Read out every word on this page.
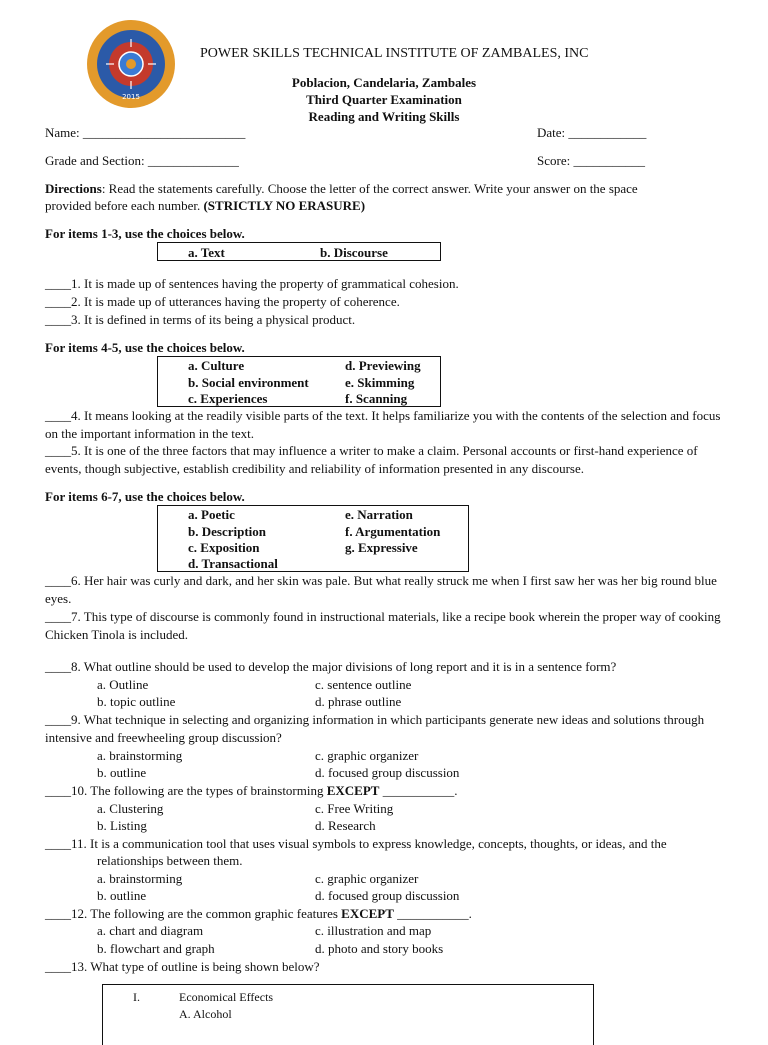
2015
POWER SKILLS TECHNICAL INSTITUTE OF ZAMBALES, INC
Poblacion, Candelaria, Zambales
Third Quarter Examination
Reading and Writing Skills
Name: _________________________	Date: ____________
Grade and Section: ______________	Score: ___________
Directions: Read the statements carefully. Choose the letter of the correct answer. Write your answer on the space
provided before each number. (STRICTLY NO ERASURE)
For items 1-3, use the choices below.
a. Text	b. Discourse
____1. It is made up of sentences having the property of grammatical cohesion.
____2. It is made up of utterances having the property of coherence.
____3. It is defined in terms of its being a physical product.
For items 4-5, use the choices below.
a. Culture
b. Social environment
c. Experiences
d. Previewing
e. Skimming
f. Scanning
____4. It means looking at the readily visible parts of the text. It helps familiarize you with the contents of the selection and focus on the important information in the text.
____5. It is one of the three factors that may influence a writer to make a claim. Personal accounts or first-hand experience of events, though subjective, establish credibility and reliability of information presented in any discourse.
For items 6-7, use the choices below.
a. Poetic
b. Description
c. Exposition
d. Transactional
e. Narration
f. Argumentation
g. Expressive
____6. Her hair was curly and dark, and her skin was pale. But what really struck me when I first saw her was her big round blue eyes.
____7. This type of discourse is commonly found in instructional materials, like a recipe book wherein the proper way of cooking Chicken Tinola is included.
____8. What outline should be used to develop the major divisions of long report and it is in a sentence form?
a. Outline
b. topic outline
c. sentence outline
d. phrase outline
____9. What technique in selecting and organizing information in which participants generate new ideas and solutions through intensive and freewheeling group discussion?
a. brainstorming
b. outline
c. graphic organizer
d. focused group discussion
____10. The following are the types of brainstorming EXCEPT ___________.
a. Clustering
b. Listing
c. Free Writing
d. Research
____11. It is a communication tool that uses visual symbols to express knowledge, concepts, thoughts, or ideas, and the
relationships between them.
a. brainstorming
b. outline
c. graphic organizer
d. focused group discussion
____12. The following are the common graphic features EXCEPT ___________.
a. chart and diagram
b. flowchart and graph
c. illustration and map
d. photo and story books
____13. What type of outline is being shown below?
I.	Economical Effects
A. Alcohol
